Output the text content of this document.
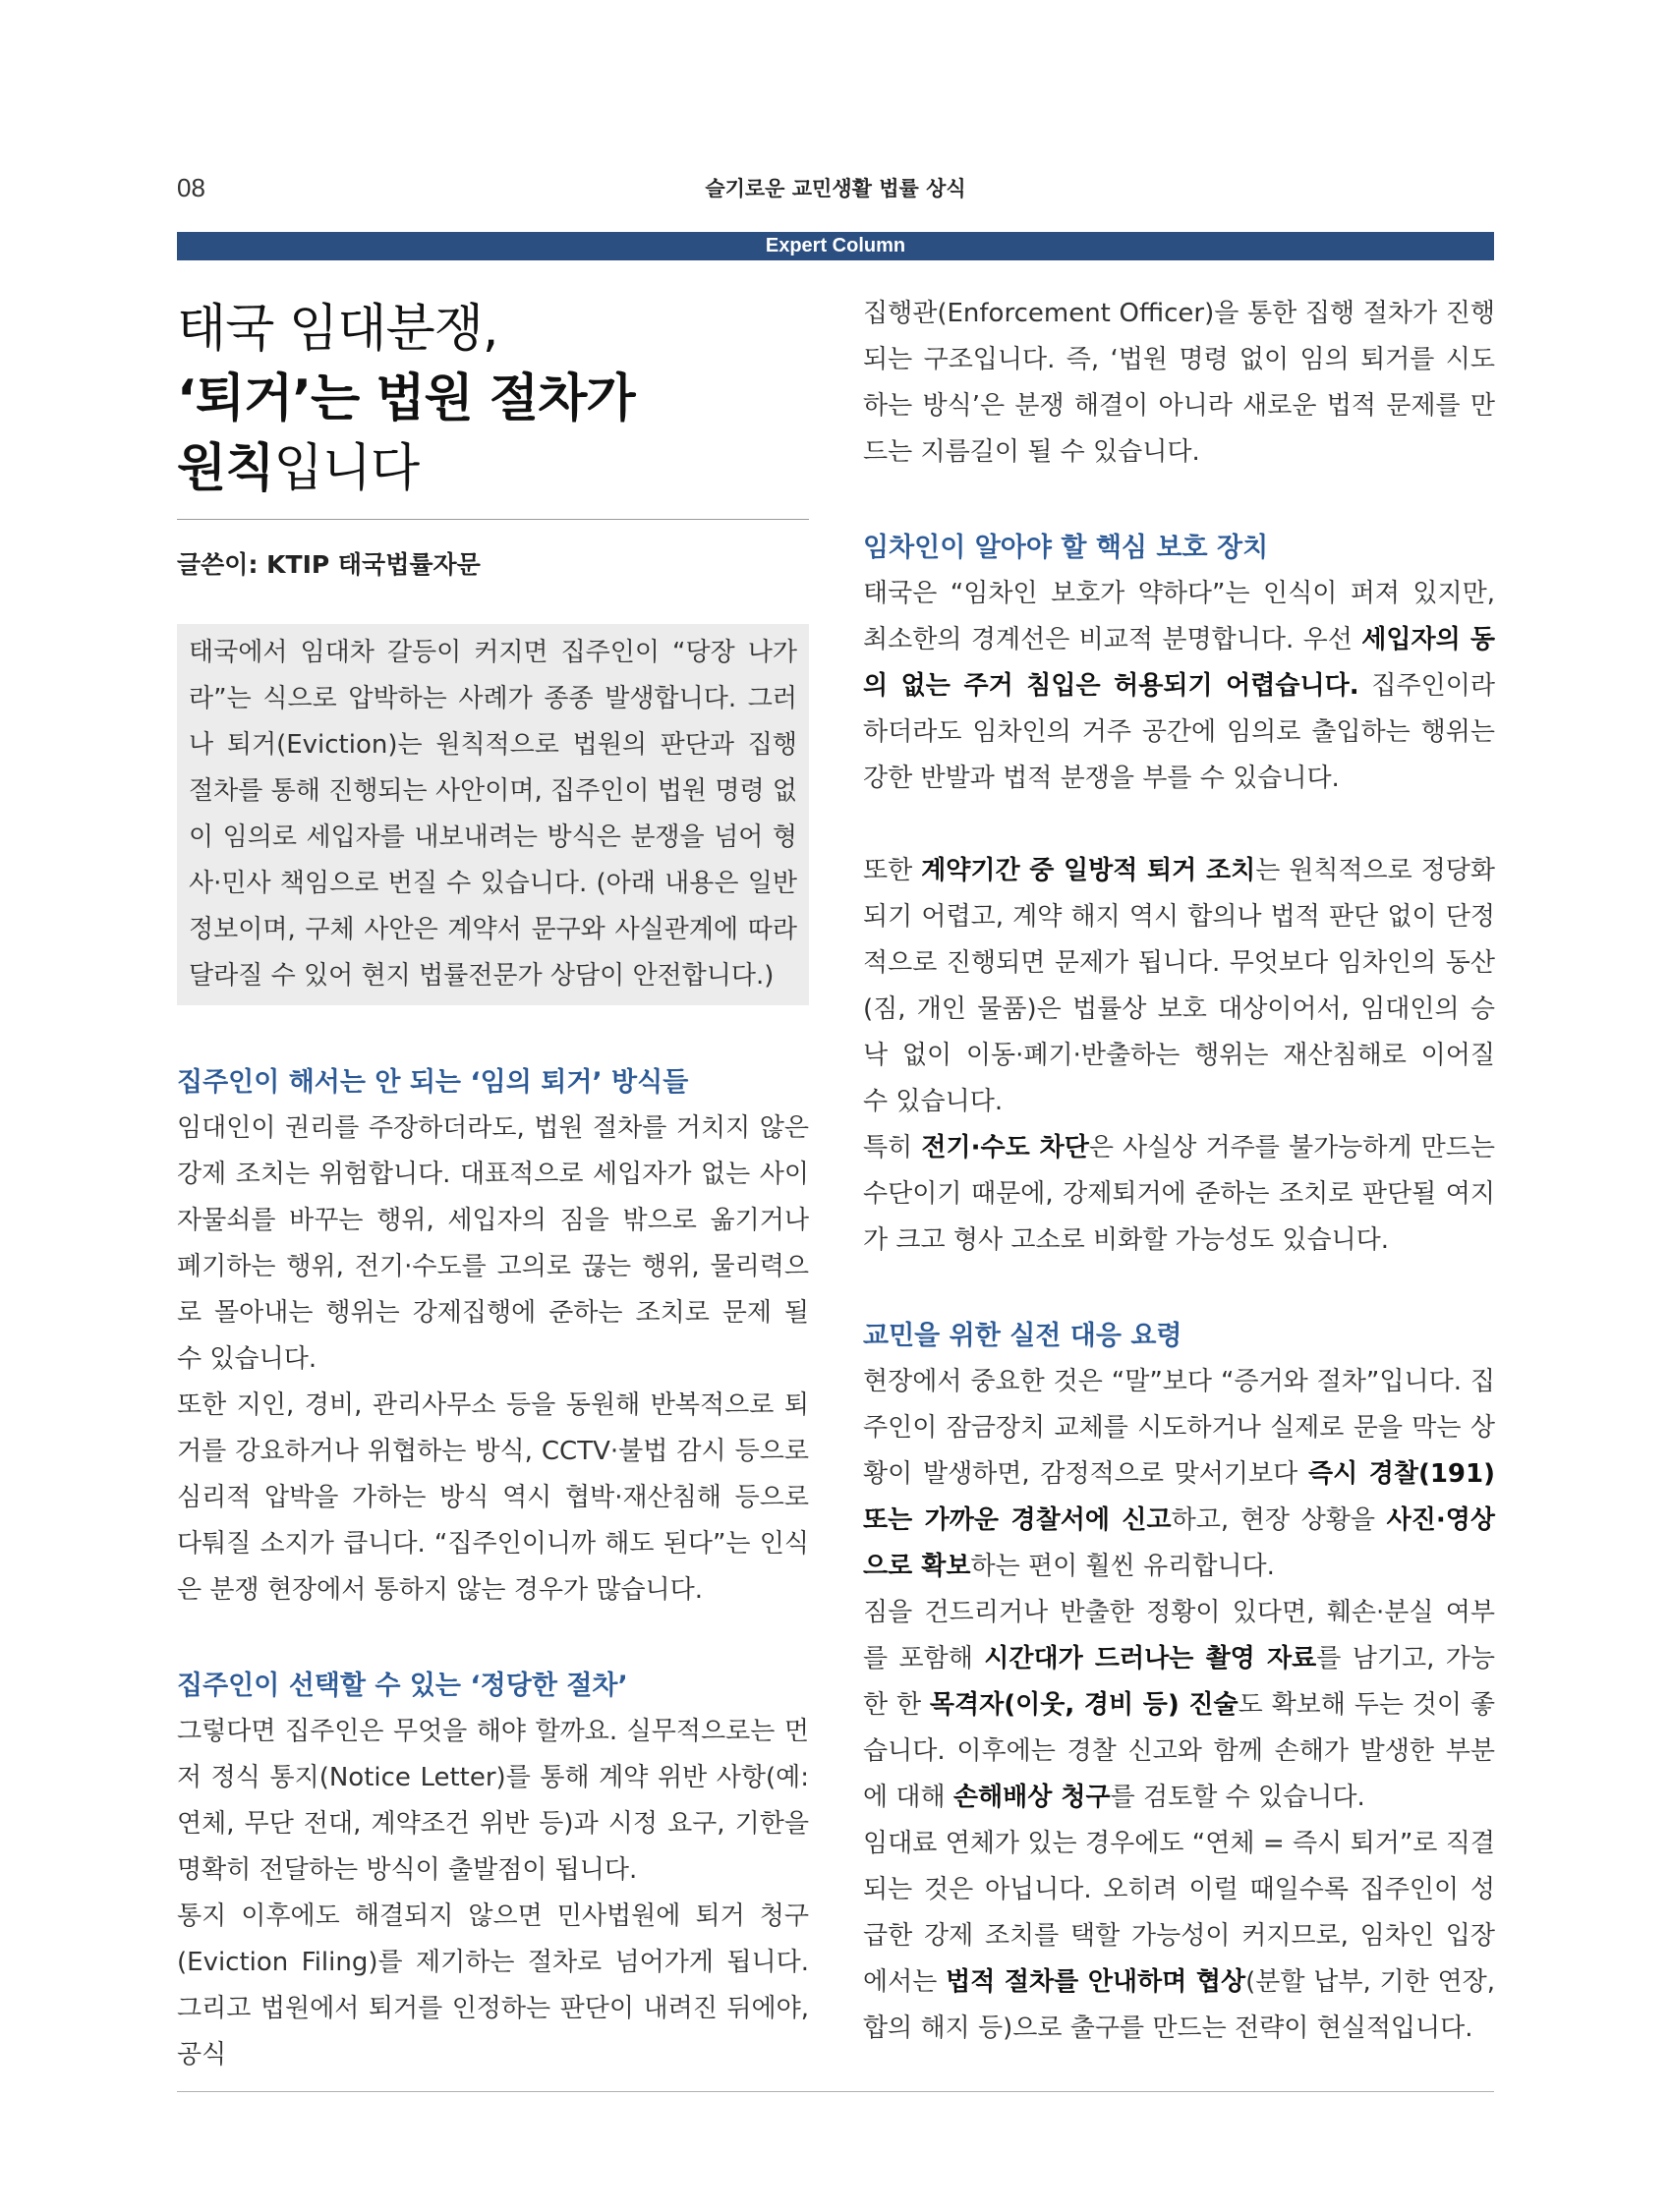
08	슬기로운 교민생활 법률 상식
Expert Column
태국 임대분쟁,
‘퇴거’는 법원 절차가
원칙입니다
글쓴이: KTIP 태국법률자문
태국에서 임대차 갈등이 커지면 집주인이 “당장 나가라”는 식으로 압박하는 사례가 종종 발생합니다. 그러나 퇴거(Eviction)는 원칙적으로 법원의 판단과 집행 절차를 통해 진행되는 사안이며, 집주인이 법원 명령 없이 임의로 세입자를 내보내려는 방식은 분쟁을 넘어 형사·민사 책임으로 번질 수 있습니다. (아래 내용은 일반 정보이며, 구체 사안은 계약서 문구와 사실관계에 따라 달라질 수 있어 현지 법률전문가 상담이 안전합니다.)
집주인이 해서는 안 되는 ‘임의 퇴거’ 방식들

임대인이 권리를 주장하더라도, 법원 절차를 거치지 않은 강제 조치는 위험합니다. 대표적으로 세입자가 없는 사이 자물쇠를 바꾸는 행위, 세입자의 짐을 밖으로 옮기거나 폐기하는 행위, 전기·수도를 고의로 끊는 행위, 물리력으로 몰아내는 행위는 강제집행에 준하는 조치로 문제 될 수 있습니다.

또한 지인, 경비, 관리사무소 등을 동원해 반복적으로 퇴거를 강요하거나 위협하는 방식, CCTV·불법 감시 등으로 심리적 압박을 가하는 방식 역시 협박·재산침해 등으로 다퉈질 소지가 큽니다. “집주인이니까 해도 된다”는 인식은 분쟁 현장에서 통하지 않는 경우가 많습니다.

집주인이 선택할 수 있는 ‘정당한 절차’

그렇다면 집주인은 무엇을 해야 할까요. 실무적으로는 먼저 정식 통지(Notice Letter)를 통해 계약 위반 사항(예: 연체, 무단 전대, 계약조건 위반 등)과 시정 요구, 기한을 명확히 전달하는 방식이 출발점이 됩니다.

통지 이후에도 해결되지 않으면 민사법원에 퇴거 청구(Eviction Filing)를 제기하는 절차로 넘어가게 됩니다. 그리고 법원에서 퇴거를 인정하는 판단이 내려진 뒤에야, 공식

집행관(Enforcement Officer)을 통한 집행 절차가 진행되는 구조입니다. 즉, ‘법원 명령 없이 임의 퇴거를 시도하는 방식’은 분쟁 해결이 아니라 새로운 법적 문제를 만드는 지름길이 될 수 있습니다.

임차인이 알아야 할 핵심 보호 장치

태국은 “임차인 보호가 약하다”는 인식이 퍼져 있지만, 최소한의 경계선은 비교적 분명합니다. 우선 세입자의 동의 없는 주거 침입은 허용되기 어렵습니다. 집주인이라 하더라도 임차인의 거주 공간에 임의로 출입하는 행위는 강한 반발과 법적 분쟁을 부를 수 있습니다.

또한 계약기간 중 일방적 퇴거 조치는 원칙적으로 정당화되기 어렵고, 계약 해지 역시 합의나 법적 판단 없이 단정적으로 진행되면 문제가 됩니다. 무엇보다 임차인의 동산(짐, 개인 물품)은 법률상 보호 대상이어서, 임대인의 승낙 없이 이동·폐기·반출하는 행위는 재산침해로 이어질 수 있습니다.

특히 전기·수도 차단은 사실상 거주를 불가능하게 만드는 수단이기 때문에, 강제퇴거에 준하는 조치로 판단될 여지가 크고 형사 고소로 비화할 가능성도 있습니다.

교민을 위한 실전 대응 요령

현장에서 중요한 것은 “말”보다 “증거와 절차”입니다. 집주인이 잠금장치 교체를 시도하거나 실제로 문을 막는 상황이 발생하면, 감정적으로 맞서기보다 즉시 경찰(191) 또는 가까운 경찰서에 신고하고, 현장 상황을 사진·영상으로 확보하는 편이 훨씬 유리합니다.

짐을 건드리거나 반출한 정황이 있다면, 훼손·분실 여부를 포함해 시간대가 드러나는 촬영 자료를 남기고, 가능한 한 목격자(이웃, 경비 등) 진술도 확보해 두는 것이 좋습니다. 이후에는 경찰 신고와 함께 손해가 발생한 부분에 대해 손해배상 청구를 검토할 수 있습니다.

임대료 연체가 있는 경우에도 “연체 = 즉시 퇴거”로 직결되는 것은 아닙니다. 오히려 이럴 때일수록 집주인이 성급한 강제 조치를 택할 가능성이 커지므로, 임차인 입장에서는 법적 절차를 안내하며 협상(분할 납부, 기한 연장, 합의 해지 등)으로 출구를 만드는 전략이 현실적입니다.
